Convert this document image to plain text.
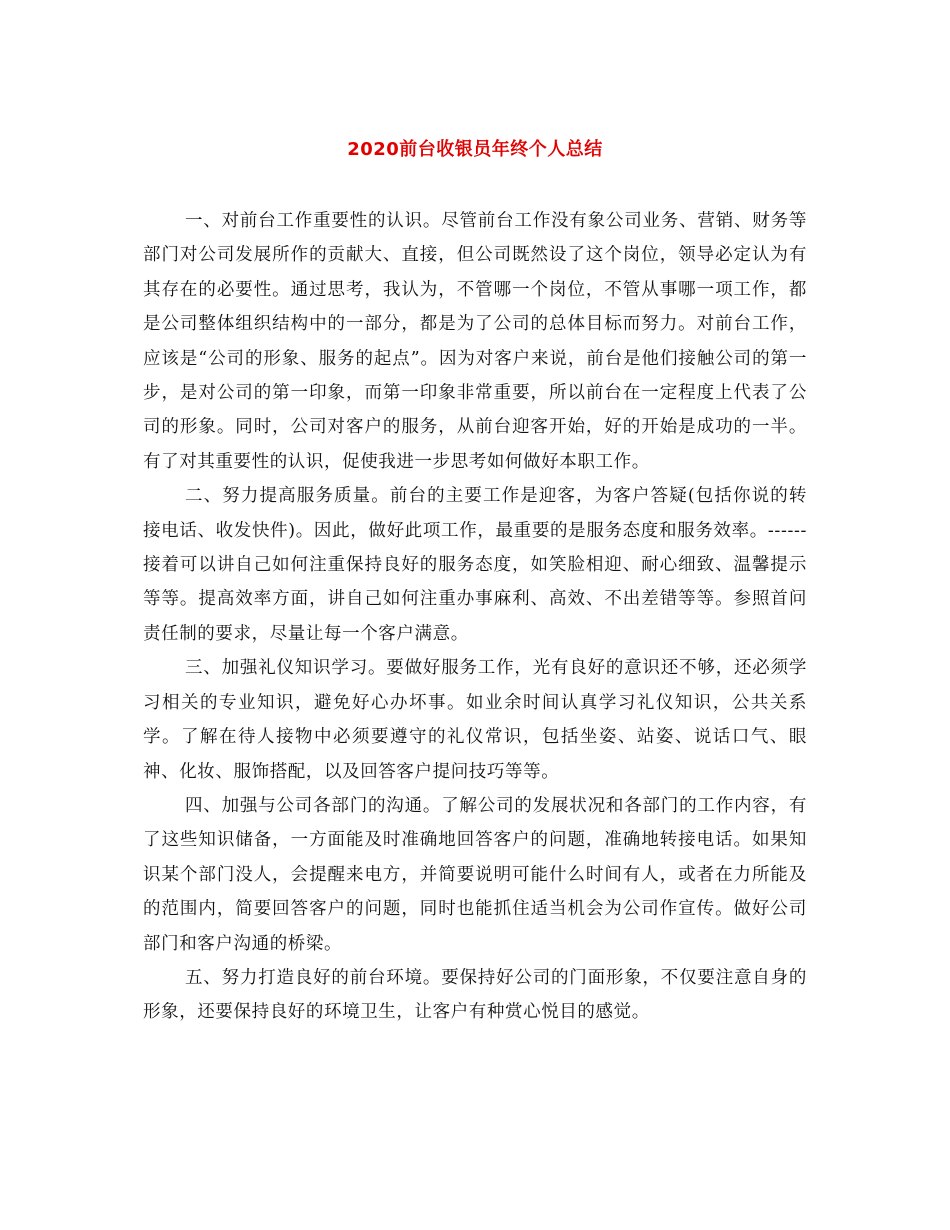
2020前台收银员年终个人总结

一、对前台工作重要性的认识。尽管前台工作没有象公司业务、营销、财务等部门对公司发展所作的贡献大、直接，但公司既然设了这个岗位，领导必定认为有其存在的必要性。通过思考，我认为，不管哪一个岗位，不管从事哪一项工作，都是公司整体组织结构中的一部分，都是为了公司的总体目标而努力。对前台工作，应该是“公司的形象、服务的起点”。因为对客户来说，前台是他们接触公司的第一步，是对公司的第一印象，而第一印象非常重要，所以前台在一定程度上代表了公司的形象。同时，公司对客户的服务，从前台迎客开始，好的开始是成功的一半。有了对其重要性的认识，促使我进一步思考如何做好本职工作。

二、努力提高服务质量。前台的主要工作是迎客，为客户答疑(包括你说的转接电话、收发快件)。因此，做好此项工作，最重要的是服务态度和服务效率。------接着可以讲自己如何注重保持良好的服务态度，如笑脸相迎、耐心细致、温馨提示等等。提高效率方面，讲自己如何注重办事麻利、高效、不出差错等等。参照首问责任制的要求，尽量让每一个客户满意。

三、加强礼仪知识学习。要做好服务工作，光有良好的意识还不够，还必须学习相关的专业知识，避免好心办坏事。如业余时间认真学习礼仪知识，公共关系学。了解在待人接物中必须要遵守的礼仪常识，包括坐姿、站姿、说话口气、眼神、化妆、服饰搭配，以及回答客户提问技巧等等。

四、加强与公司各部门的沟通。了解公司的发展状况和各部门的工作内容，有了这些知识储备，一方面能及时准确地回答客户的问题，准确地转接电话。如果知识某个部门没人，会提醒来电方，并简要说明可能什么时间有人，或者在力所能及的范围内，简要回答客户的问题，同时也能抓住适当机会为公司作宣传。做好公司部门和客户沟通的桥梁。

五、努力打造良好的前台环境。要保持好公司的门面形象，不仅要注意自身的形象，还要保持良好的环境卫生，让客户有种赏心悦目的感觉。
